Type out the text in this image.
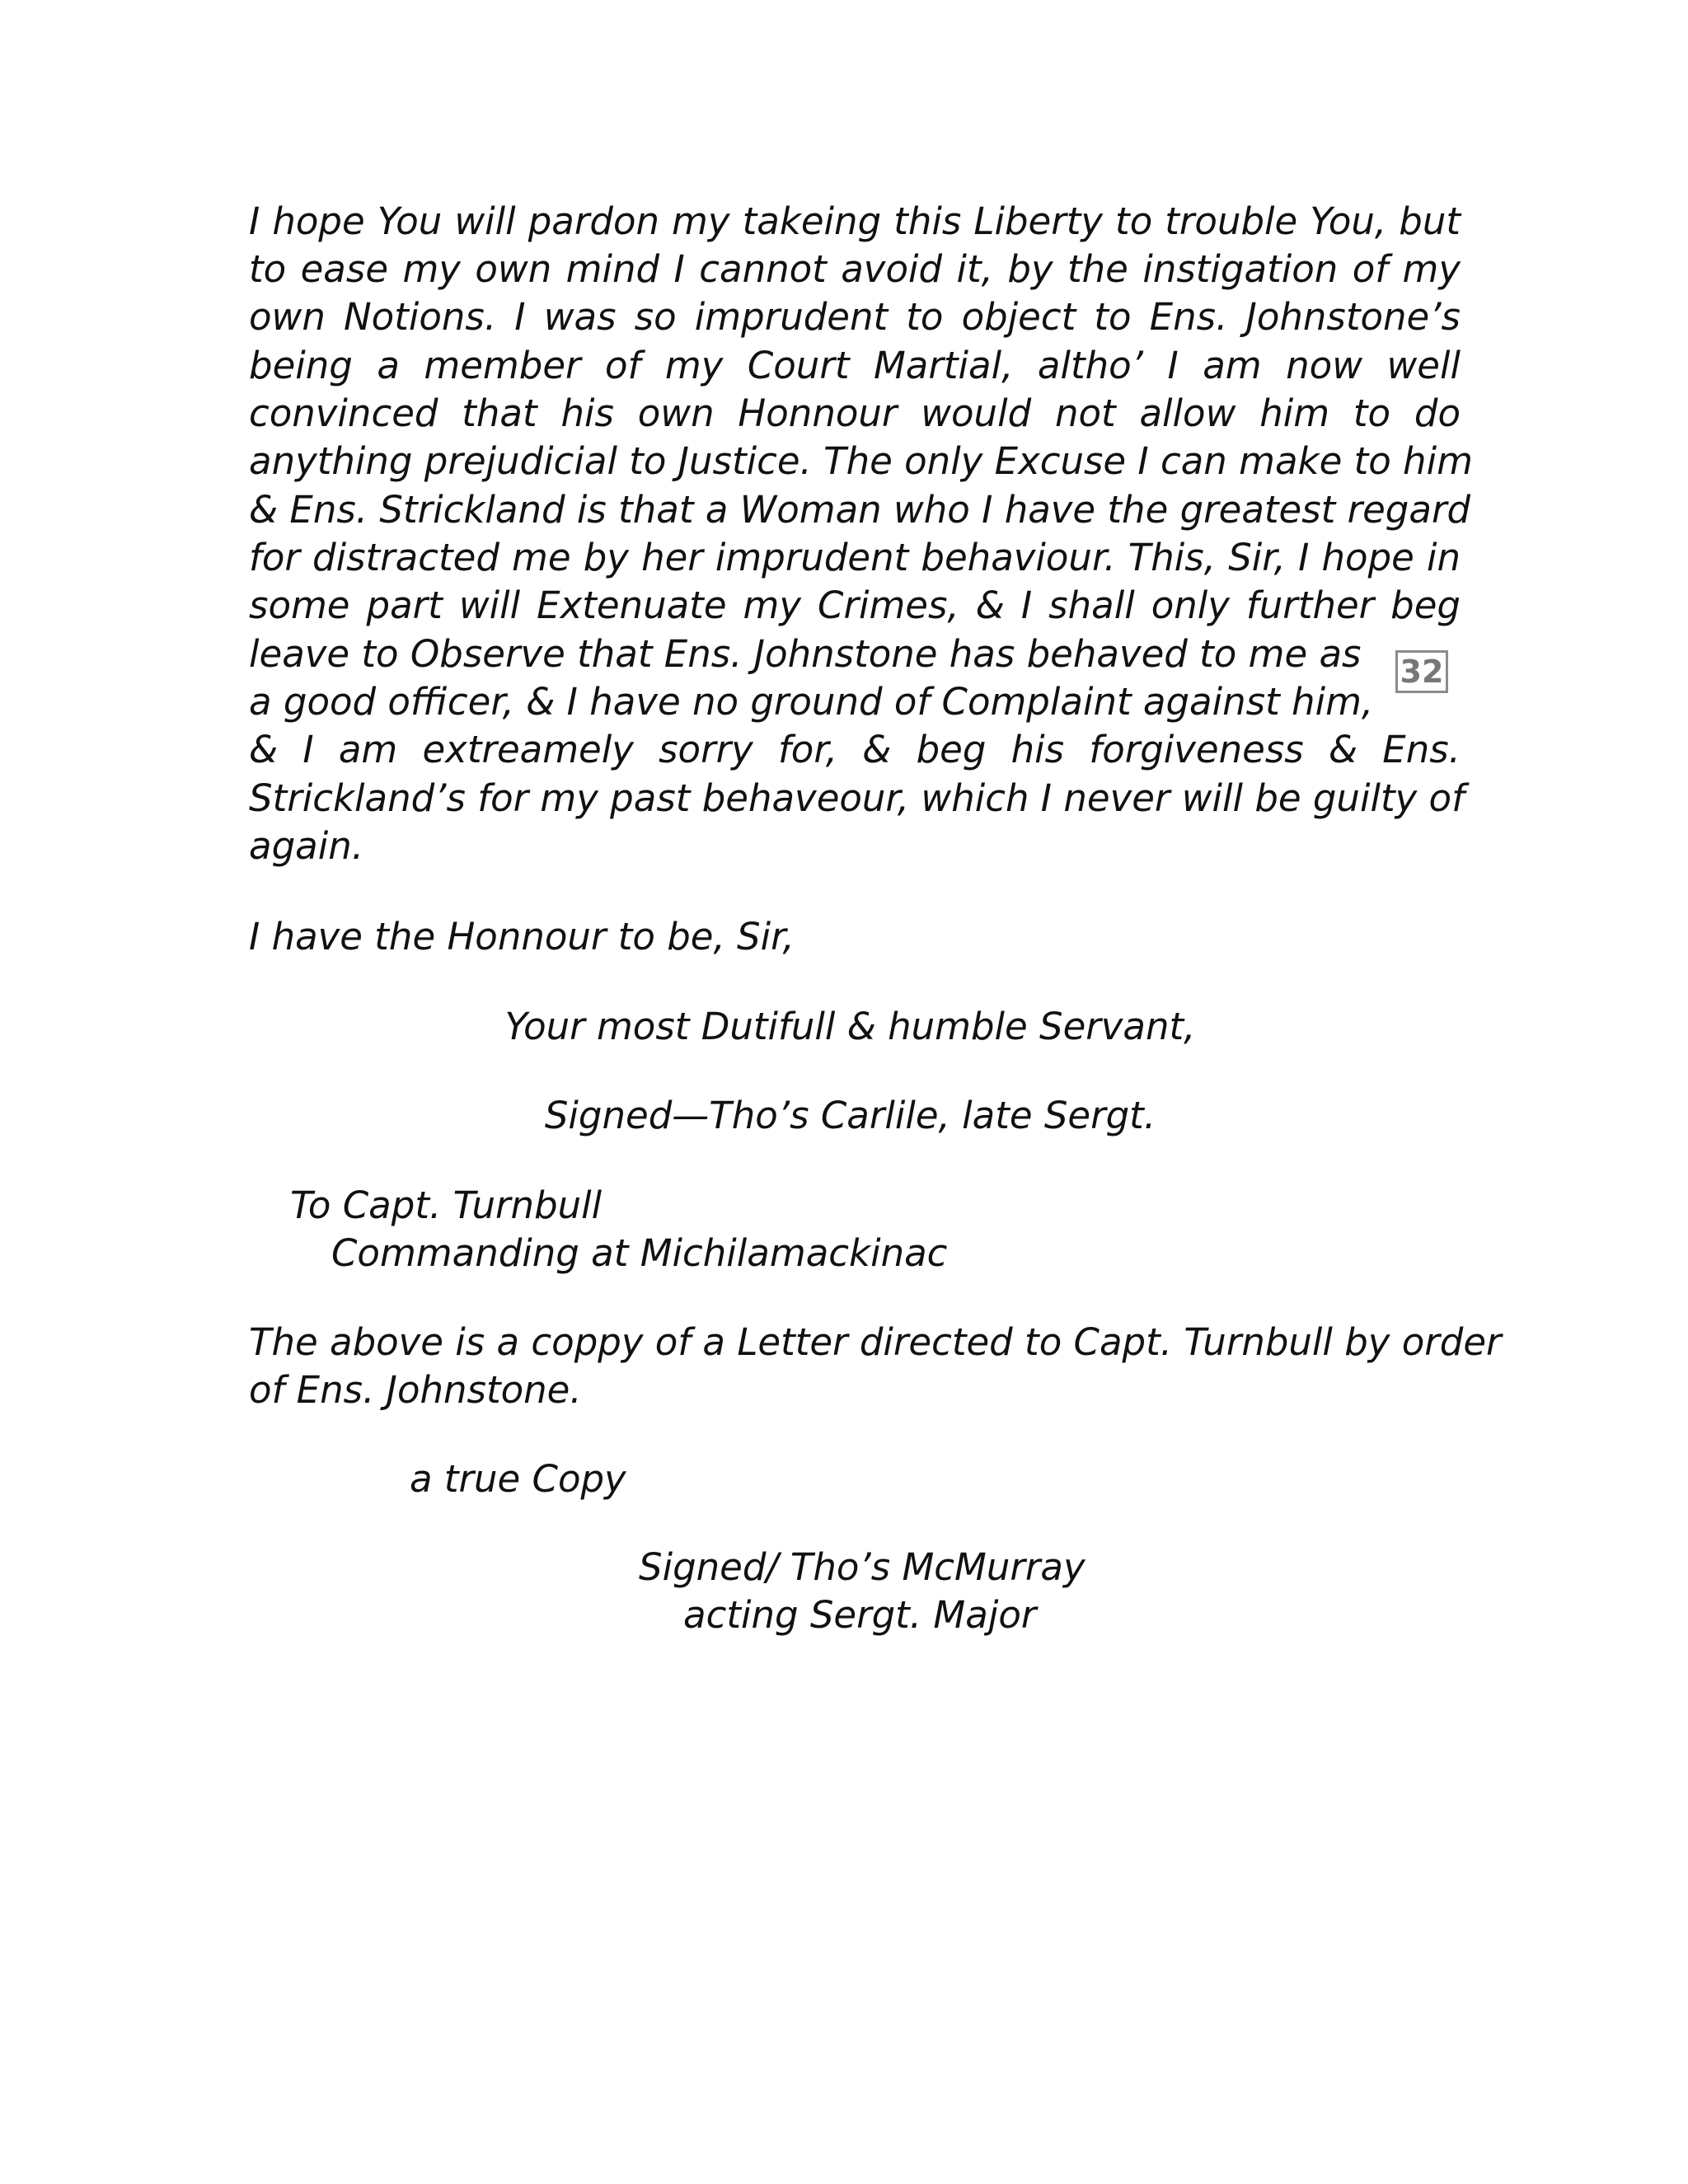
I hope You will pardon my takeing this Liberty to trouble You, but
to ease my own mind I cannot avoid it, by the instigation of my
own Notions. I was so imprudent to object to Ens. Johnstone’s
being a member of my Court Martial, altho’ I am now well
convinced that his own Honnour would not allow him to do
anything prejudicial to Justice. The only Excuse I can make to him
& Ens. Strickland is that a Woman who I have the greatest regard
for distracted me by her imprudent behaviour. This, Sir, I hope in
some part will Extenuate my Crimes, & I shall only further beg
leave to Observe that Ens. Johnstone has behaved to me as
a good officer, & I have no ground of Complaint against him,
& I am extreamely sorry for, & beg his forgiveness & Ens.
Strickland’s for my past behaveour, which I never will be guilty of
again.
32
I have the Honnour to be, Sir,
Your most Dutifull & humble Servant,
Signed—Tho’s Carlile, late Sergt.
To Capt. Turnbull
Commanding at Michilamackinac
The above is a coppy of a Letter directed to Capt. Turnbull by order
of Ens. Johnstone.
a true Copy
Signed/ Tho’s McMurray
acting Sergt. Major
